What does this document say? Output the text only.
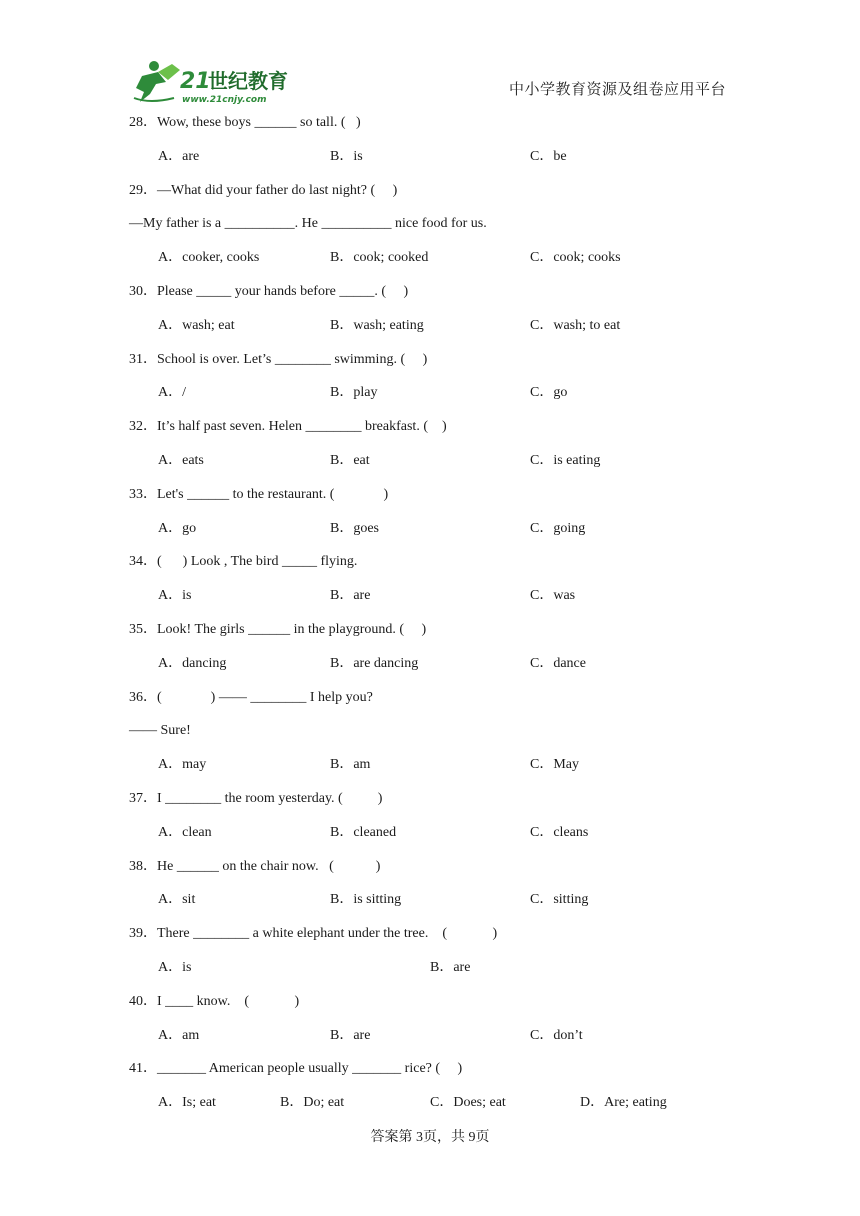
21
世纪教育
www.21cnjy.com
中小学教育资源及组卷应用平台
28．Wow, these boys ______ so tall. (   )
A．are	B．is	C．be
29．—What did your father do last night? (     )
—My father is a __________. He __________ nice food for us.
A．cooker, cooks	B．cook; cooked	C．cook; cooks
30．Please _____ your hands before _____. (     )
A．wash; eat	B．wash; eating	C．wash; to eat
31．School is over. Let’s ________ swimming. (     )
A．/	B．play	C．go
32．It’s half past seven. Helen ________ breakfast. (    )
A．eats	B．eat	C．is eating
33．Let's ______ to the restaurant. (              )
A．go	B．goes	C．going
34．(      ) Look , The bird _____ flying.
A．is	B．are	C．was
35．Look! The girls ______ in the playground. (     )
A．dancing	B．are dancing	C．dance
36．(              ) —— ________ I help you?
—— Sure!
A．may	B．am	C．May
37．I ________ the room yesterday. (          )
A．clean	B．cleaned	C．cleans
38．He ______ on the chair now.   (            )
A．sit	B．is sitting	C．sitting
39．There ________ a white elephant under the tree.    (             )
A．is	B．are
40．I ____ know.    (             )
A．am	B．are	C．don’t
41．_______ American people usually _______ rice? (     )
A．Is; eat	B．Do; eat	C．Does; eat	D．Are; eating
答案第 3页，共 9页
